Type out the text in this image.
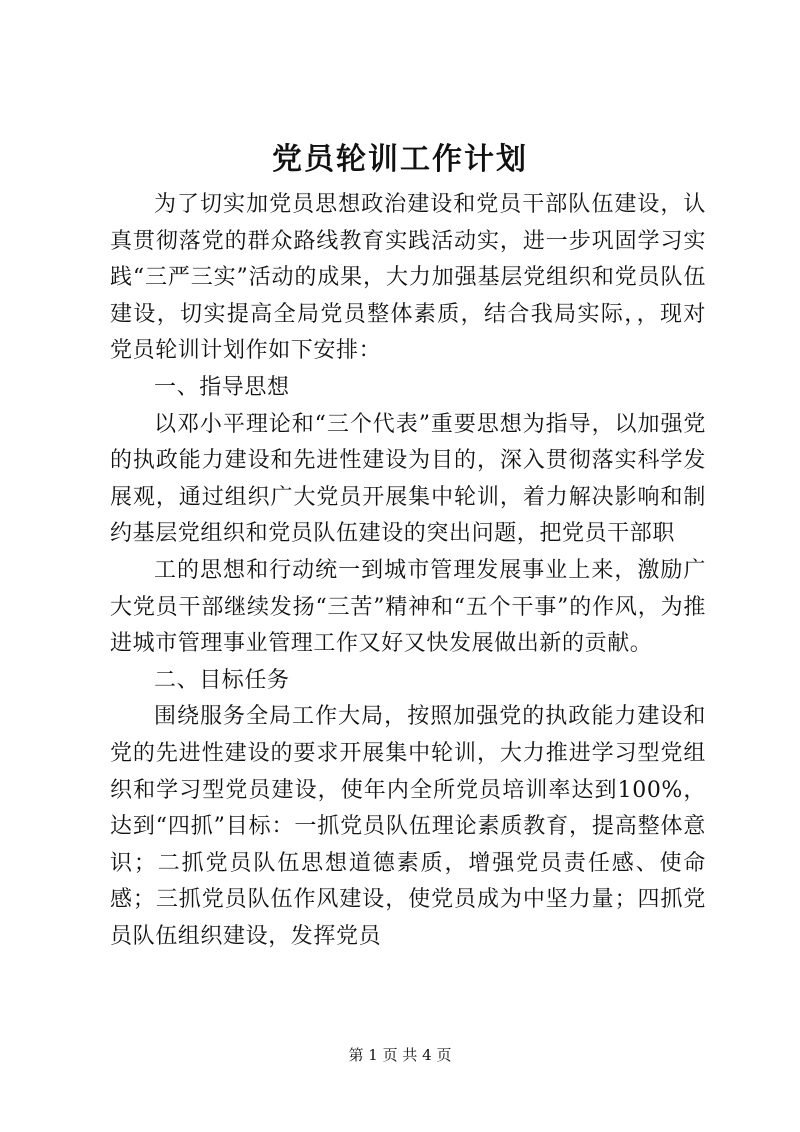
党员轮训工作计划

为了切实加党员思想政治建设和党员干部队伍建设，认真贯彻落党的群众路线教育实践活动实，进一步巩固学习实践“三严三实”活动的成果，大力加强基层党组织和党员队伍建设，切实提高全局党员整体素质，结合我局实际，，现对党员轮训计划作如下安排：

一、指导思想

以邓小平理论和“三个代表”重要思想为指导，以加强党的执政能力建设和先进性建设为目的，深入贯彻落实科学发展观，通过组织广大党员开展集中轮训，着力解决影响和制约基层党组织和党员队伍建设的突出问题，把党员干部职

工的思想和行动统一到城市管理发展事业上来，激励广大党员干部继续发扬“三苦”精神和“五个干事”的作风，为推进城市管理事业管理工作又好又快发展做出新的贡献。

二、目标任务

围绕服务全局工作大局，按照加强党的执政能力建设和党的先进性建设的要求开展集中轮训，大力推进学习型党组织和学习型党员建设，使年内全所党员培训率达到100%，达到“四抓”目标：一抓党员队伍理论素质教育，提高整体意识；二抓党员队伍思想道德素质，增强党员责任感、使命感；三抓党员队伍作风建设，使党员成为中坚力量；四抓党员队伍组织建设，发挥党员

第 1 页 共 4 页
